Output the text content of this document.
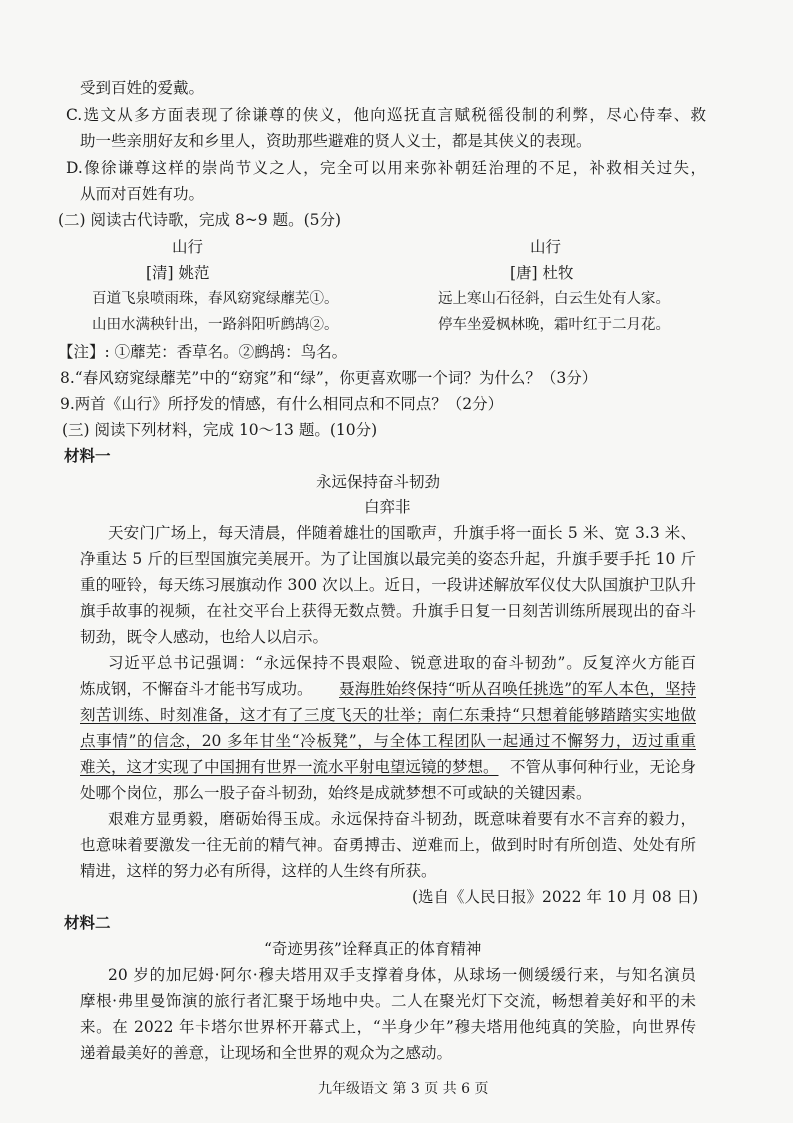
受到百姓的爱戴。
C.选文从多方面表现了徐谦尊的侠义，他向巡抚直言赋税徭役制的利弊，尽心侍奉、救
助一些亲朋好友和乡里人，资助那些避难的贤人义士，都是其侠义的表现。
D.像徐谦尊这样的崇尚节义之人，完全可以用来弥补朝廷治理的不足，补救相关过失，
从而对百姓有功。
(二) 阅读古代诗歌，完成 8~9 题。(5分)
山行
[清] 姚范
百道飞泉喷雨珠，春风窈窕绿蘼芜①。
山田水满秧针出，一路斜阳听鹧鸪②。
山行
[唐] 杜牧
远上寒山石径斜，白云生处有人家。
停车坐爱枫林晚，霜叶红于二月花。
【注】: ①蘼芜：香草名。②鹧鸪：鸟名。
8.“春风窈窕绿蘼芜”中的“窈窕”和“绿”，你更喜欢哪一个词？为什么？（3分）
9.两首《山行》所抒发的情感，有什么相同点和不同点？（2分）
(三) 阅读下列材料，完成 10～13 题。(10分)
材料一
永远保持奋斗韧劲
白弈非
天安门广场上，每天清晨，伴随着雄壮的国歌声，升旗手将一面长 5 米、宽 3.3 米、
净重达 5 斤的巨型国旗完美展开。为了让国旗以最完美的姿态升起，升旗手要手托 10 斤
重的哑铃，每天练习展旗动作 300 次以上。近日，一段讲述解放军仪仗大队国旗护卫队升
旗手故事的视频，在社交平台上获得无数点赞。升旗手日复一日刻苦训练所展现出的奋斗
韧劲，既令人感动，也给人以启示。
习近平总书记强调：“永远保持不畏艰险、锐意进取的奋斗韧劲”。反复淬火方能百
炼成钢，不懈奋斗才能书写成功。 聂海胜始终保持“听从召唤任挑选”的军人本色，坚持
刻苦训练、时刻准备，这才有了三度飞天的壮举；南仁东秉持“只想着能够踏踏实实地做
点事情”的信念，20 多年甘坐“冷板凳”，与全体工程团队一起通过不懈努力，迈过重重
难关，这才实现了中国拥有世界一流水平射电望远镜的梦想。 不管从事何种行业，无论身
处哪个岗位，那么一股子奋斗韧劲，始终是成就梦想不可或缺的关键因素。
艰难方显勇毅，磨砺始得玉成。永远保持奋斗韧劲，既意味着要有水不言弃的毅力，
也意味着要激发一往无前的精气神。奋勇搏击、逆难而上，做到时时有所创造、处处有所
精进，这样的努力必有所得，这样的人生终有所获。
(选自《人民日报》2022 年 10 月 08 日)
材料二
“奇迹男孩”诠释真正的体育精神
20 岁的加尼姆·阿尔·穆夫塔用双手支撑着身体，从球场一侧缓缓行来，与知名演员
摩根·弗里曼饰演的旅行者汇聚于场地中央。二人在聚光灯下交流，畅想着美好和平的未
来。在 2022 年卡塔尔世界杯开幕式上，“半身少年”穆夫塔用他纯真的笑脸，向世界传
递着最美好的善意，让现场和全世界的观众为之感动。
九年级语文 第 3 页 共 6 页
